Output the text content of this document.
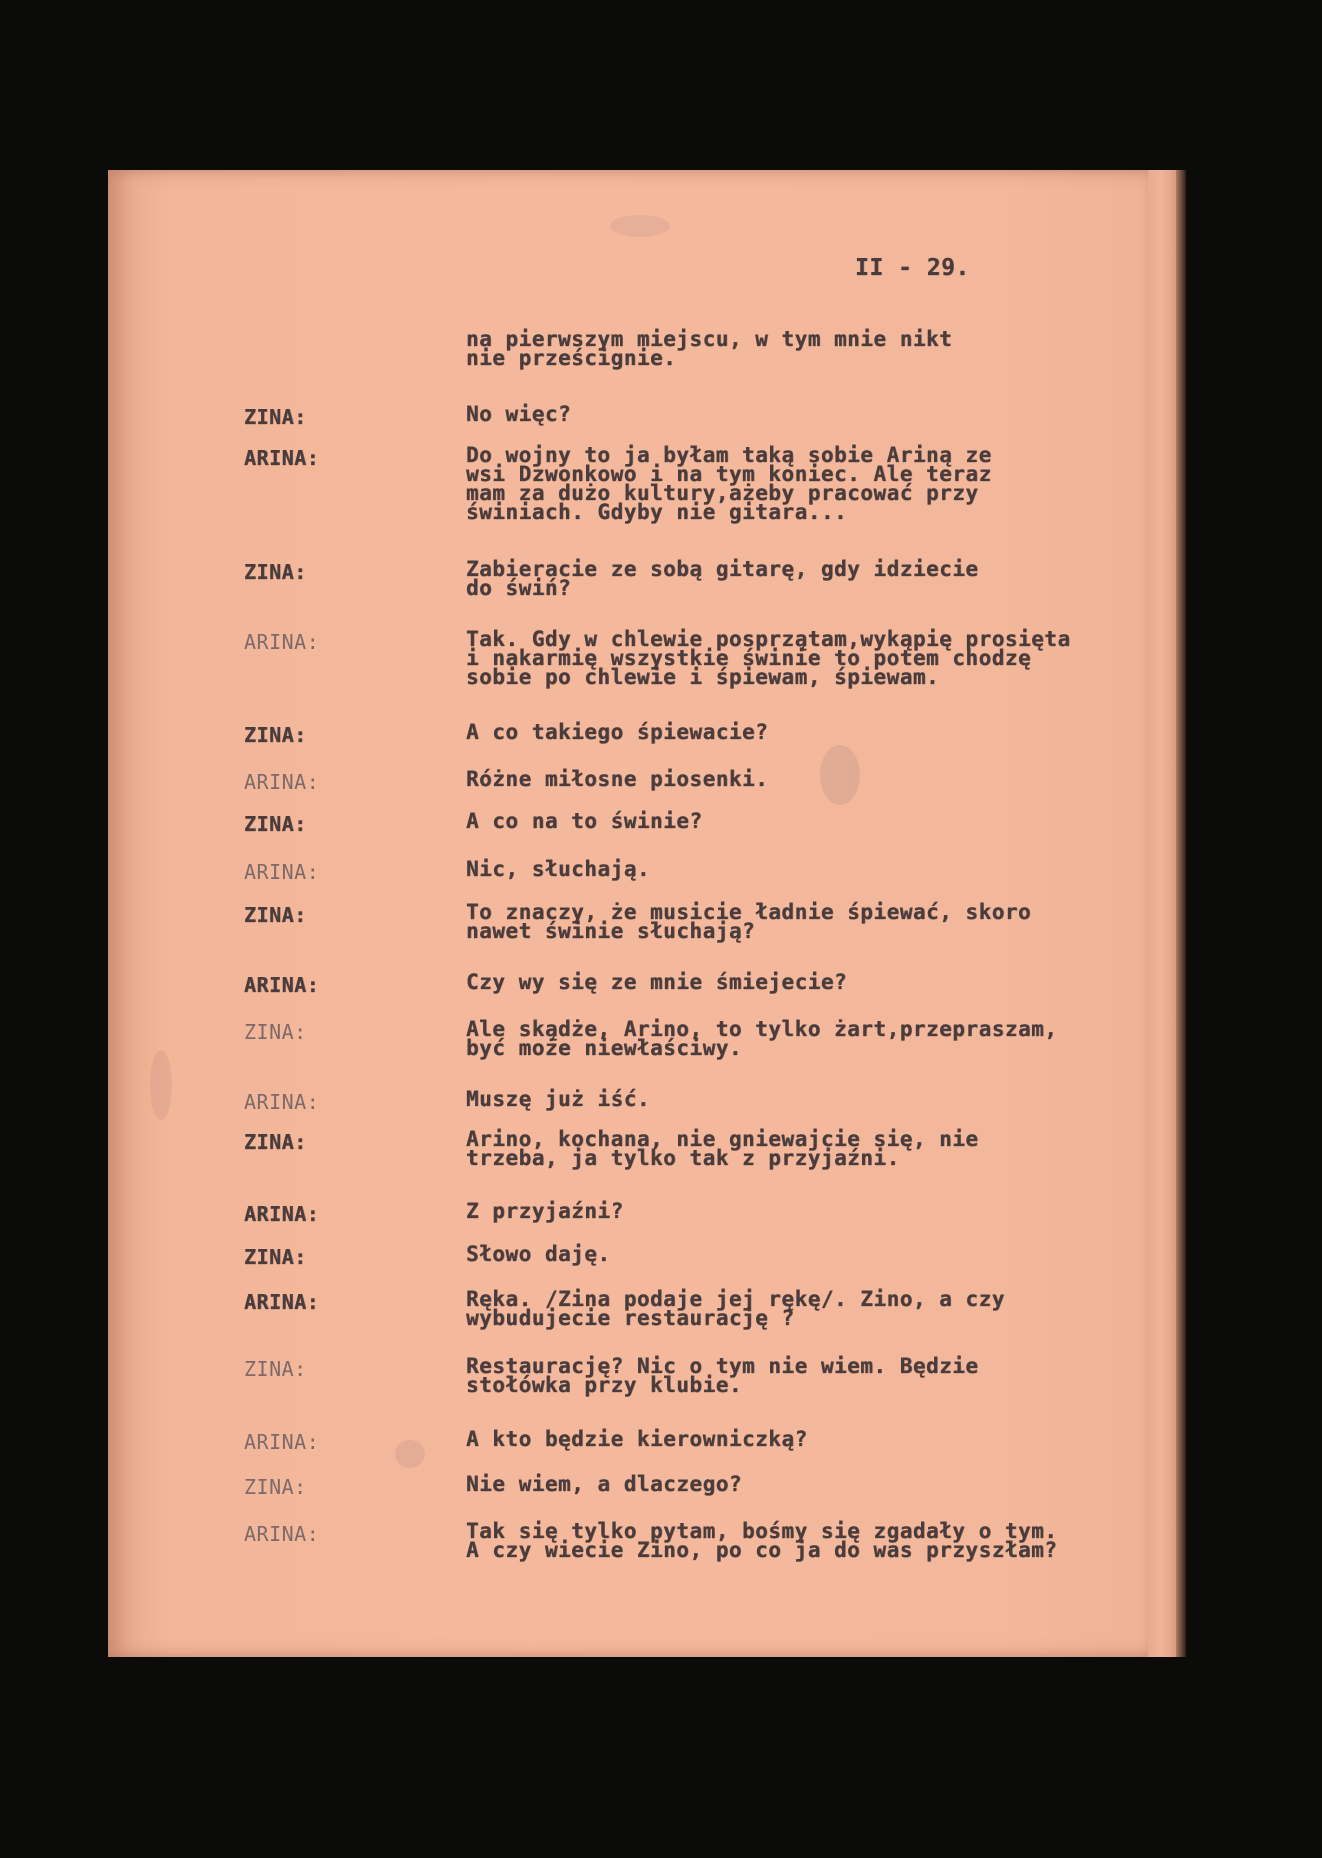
II - 29.
na pierwszym miejscu, w tym mnie nikt
nie prześcignie.
ZINA:	No więc?
ARINA:	Do wojny to ja byłam taką sobie Ariną ze
wsi Dzwonkowo i na tym koniec. Ale teraz
mam za dużo kultury,ażeby pracować przy
świniach. Gdyby nie gitara...
ZINA:	Zabieracie ze sobą gitarę, gdy idziecie
do świń?
ARINA:	Tak. Gdy w chlewie posprzątam,wykąpię prosięta
i nakarmię wszystkie świnie to potem chodzę
sobie po chlewie i śpiewam, śpiewam.
ZINA:	A co takiego śpiewacie?
ARINA:	Różne miłosne piosenki.
ZINA:	A co na to świnie?
ARINA:	Nic, słuchają.
ZINA:	To znaczy, że musicie ładnie śpiewać, skoro
nawet świnie słuchają?
ARINA:	Czy wy się ze mnie śmiejecie?
ZINA:	Ale skądże, Arino, to tylko żart,przepraszam,
być może niewłaściwy.
ARINA:	Muszę już iść.
ZINA:	Arino, kochana, nie gniewajcie się, nie
trzeba, ja tylko tak z przyjaźni.
ARINA:	Z przyjaźni?
ZINA:	Słowo daję.
ARINA:	Ręka. /Zina podaje jej rękę/. Zino, a czy
wybudujecie restaurację ?
ZINA:	Restaurację? Nic o tym nie wiem. Będzie
stołówka przy klubie.
ARINA:	A kto będzie kierowniczką?
ZINA:	Nie wiem, a dlaczego?
ARINA:	Tak się tylko pytam, bośmy się zgadały o tym.
A czy wiecie Zino, po co ja do was przyszłam?
